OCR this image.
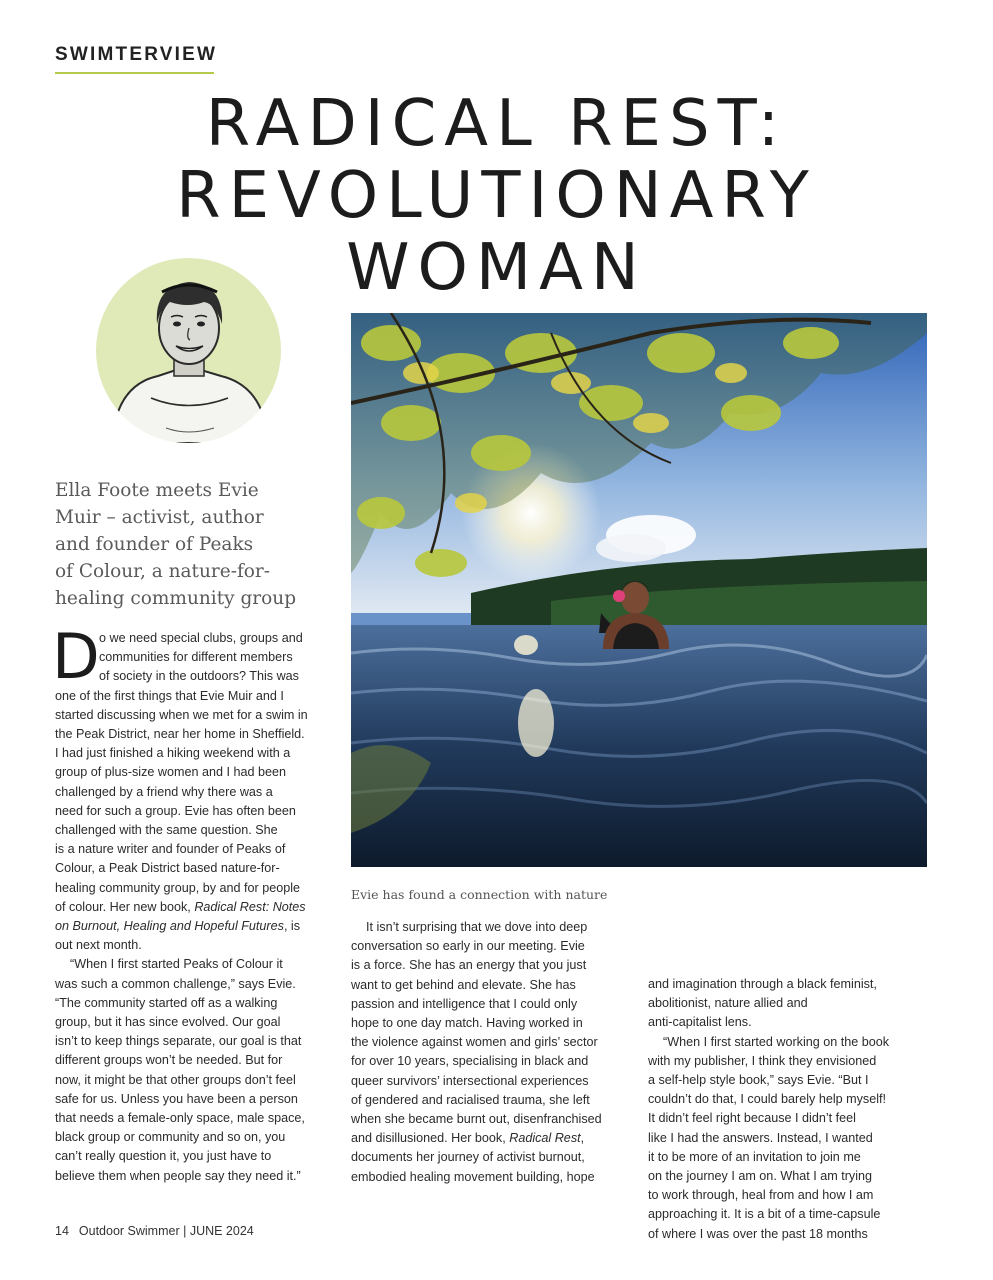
SWIMTERVIEW
RADICAL REST:
REVOLUTIONARY
WOMAN
Ella Foote meets Evie
Muir – activist, author
and founder of Peaks
of Colour, a nature-for-
healing community group
Evie has found a connection with nature
D o we need special clubs, groups and
communities for different members
of society in the outdoors? This was
one of the first things that Evie Muir and I
started discussing when we met for a swim in
the Peak District, near her home in Sheffield.
I had just finished a hiking weekend with a
group of plus-size women and I had been
challenged by a friend why there was a
need for such a group. Evie has often been
challenged with the same question. She
is a nature writer and founder of Peaks of
Colour, a Peak District based nature-for-
healing community group, by and for people
of colour. Her new book, Radical Rest: Notes
on Burnout, Healing and Hopeful Futures, is
out next month.
“When I first started Peaks of Colour it
was such a common challenge,” says Evie.
“The community started off as a walking
group, but it has since evolved. Our goal
isn’t to keep things separate, our goal is that
different groups won’t be needed. But for
now, it might be that other groups don’t feel
safe for us. Unless you have been a person
that needs a female-only space, male space,
black group or community and so on, you
can’t really question it, you just have to
believe them when people say they need it.”
It isn’t surprising that we dove into deep
conversation so early in our meeting. Evie
is a force. She has an energy that you just
want to get behind and elevate. She has
passion and intelligence that I could only
hope to one day match. Having worked in
the violence against women and girls’ sector
for over 10 years, specialising in black and
queer survivors’ intersectional experiences
of gendered and racialised trauma, she left
when she became burnt out, disenfranchised
and disillusioned. Her book, Radical Rest,
documents her journey of activist burnout,
embodied healing movement building, hope
and imagination through a black feminist,
abolitionist, nature allied and
anti-capitalist lens.
“When I first started working on the book
with my publisher, I think they envisioned
a self-help style book,” says Evie. “But I
couldn’t do that, I could barely help myself!
It didn’t feel right because I didn’t feel
like I had the answers. Instead, I wanted
it to be more of an invitation to join me
on the journey I am on. What I am trying
to work through, heal from and how I am
approaching it. It is a bit of a time-capsule
of where I was over the past 18 months
14 Outdoor Swimmer | JUNE 2024
